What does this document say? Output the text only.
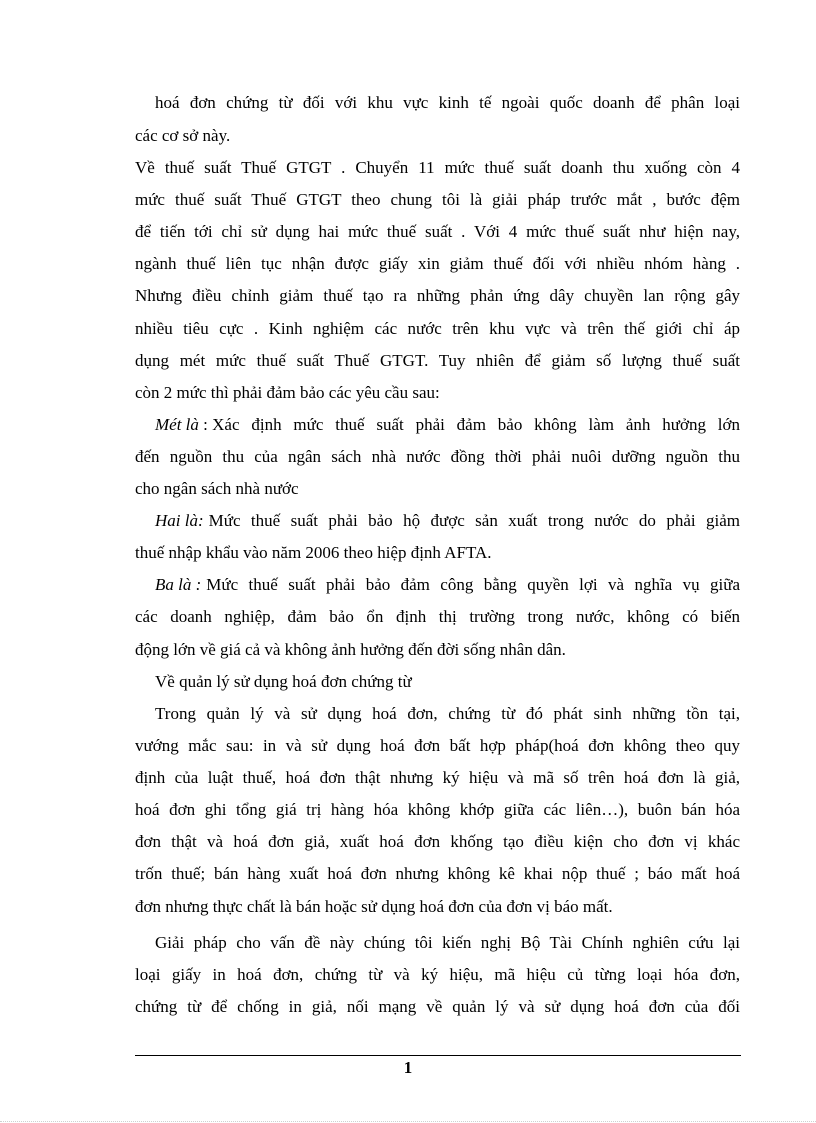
hoá đơn chứng từ đối với khu vực kinh tế ngoài quốc doanh để phân loại
các cơ sở này.
Về thuế suất Thuế GTGT . Chuyển 11 mức thuế suất doanh thu xuống còn 4
mức thuế suất Thuế GTGT theo chung tôi là giải pháp trước mắt , bước đệm
để tiến tới chỉ sử dụng hai mức thuế suất . Với 4 mức thuế suất như hiện nay,
ngành thuế liên tục nhận được giấy xin giảm thuế đối với nhiều nhóm hàng .
Nhưng điều chỉnh giảm thuế tạo ra những phản ứng dây chuyền lan rộng gây
nhiều tiêu cực . Kinh nghiệm các nước trên khu vực và trên thế giới chỉ áp
dụng mét mức thuế suất Thuế GTGT. Tuy nhiên để giảm số lượng thuế suất
còn 2 mức thì phải đảm bảo các yêu cầu sau:
Mét là : Xác định mức thuế suất phải đảm bảo không làm ảnh hưởng lớn
đến nguồn thu của ngân sách nhà nước đồng thời phải nuôi dưỡng nguồn thu
cho ngân sách nhà nước
Hai là: Mức thuế suất phải bảo hộ được sản xuất trong nước do phải giảm
thuế nhập khẩu vào năm 2006 theo hiệp định AFTA.
Ba là : Mức thuế suất phải bảo đảm công bằng quyền lợi và nghĩa vụ giữa
các doanh nghiệp, đảm bảo ổn định thị trường trong nước, không có biến
động lớn về giá cả và không ảnh hưởng đến đời sống nhân dân.
Về quản lý sử dụng hoá đơn chứng từ
Trong quản lý và sử dụng hoá đơn, chứng từ đó phát sinh những tồn tại,
vướng mắc sau: in và sử dụng hoá đơn bất hợp pháp(hoá đơn không theo quy
định của luật thuế, hoá đơn thật nhưng ký hiệu và mã số trên hoá đơn là giả,
hoá đơn ghi tổng giá trị hàng hóa không khớp giữa các liên…), buôn bán hóa
đơn thật và hoá đơn giả, xuất hoá đơn khống tạo điều kiện cho đơn vị khác
trốn thuế; bán hàng xuất hoá đơn nhưng không kê khai nộp thuế ; báo mất hoá
đơn nhưng thực chất là bán hoặc sử dụng hoá đơn của đơn vị báo mất.
Giải pháp cho vấn đề này chúng tôi kiến nghị Bộ Tài Chính nghiên cứu lại
loại giấy in hoá đơn, chứng từ và ký hiệu, mã hiệu củ từng loại hóa đơn,
chứng từ để chống in giả, nối mạng về quản lý và sử dụng hoá đơn của đối
1
